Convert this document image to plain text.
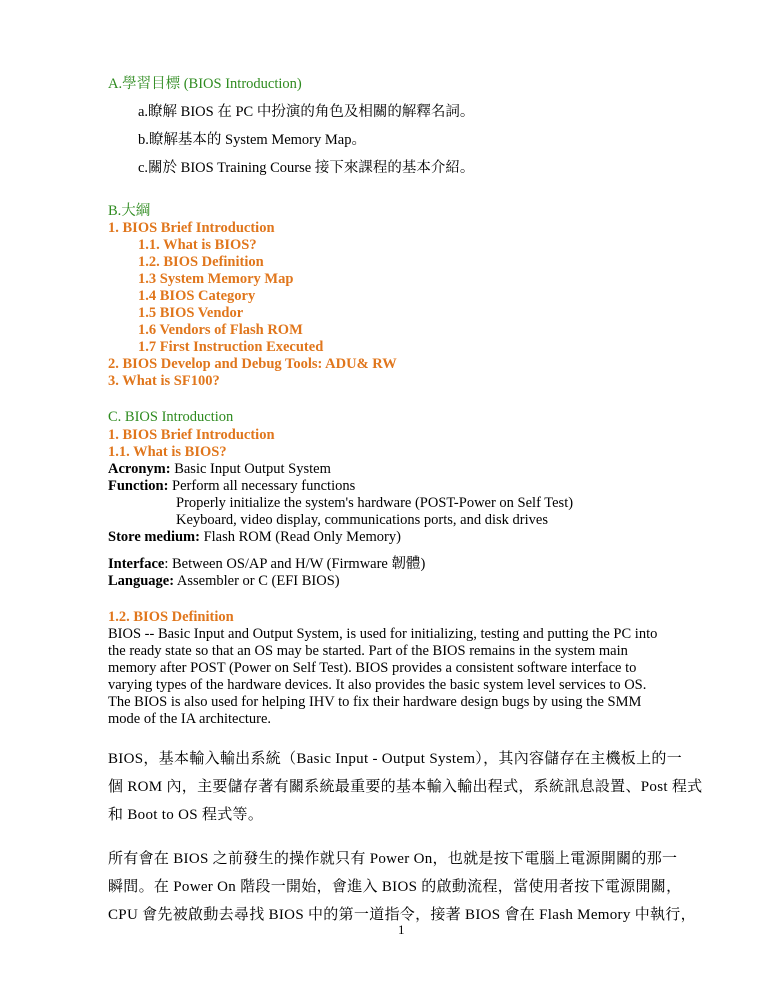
A.學習目標 (BIOS Introduction)
a.瞭解 BIOS 在 PC 中扮演的角色及相關的解釋名詞。
b.瞭解基本的 System Memory Map。
c.關於 BIOS Training Course 接下來課程的基本介紹。
B.大綱
1. BIOS Brief Introduction
1.1. What is BIOS?
1.2. BIOS Definition
1.3 System Memory Map
1.4 BIOS Category
1.5 BIOS Vendor
1.6 Vendors of Flash ROM
1.7 First Instruction Executed
2. BIOS Develop and Debug Tools: ADU& RW
3. What is SF100?
C. BIOS Introduction
1. BIOS Brief Introduction
1.1. What is BIOS?
Acronym: Basic Input Output System
Function: Perform all necessary functions
Properly initialize the system's hardware (POST-Power on Self Test)
Keyboard, video display, communications ports, and disk drives
Store medium: Flash ROM (Read Only Memory)
Interface: Between OS/AP and H/W (Firmware 韌體)
Language: Assembler or C (EFI BIOS)
1.2. BIOS Definition
BIOS -- Basic Input and Output System, is used for initializing, testing and putting the PC into
the ready state so that an OS may be started. Part of the BIOS remains in the system main
memory after POST (Power on Self Test). BIOS provides a consistent software interface to
varying types of the hardware devices. It also provides the basic system level services to OS.
The BIOS is also used for helping IHV to fix their hardware design bugs by using the SMM
mode of the IA architecture.
BIOS，基本輸入輸出系統（Basic Input - Output System），其內容儲存在主機板上的一
個 ROM 內，主要儲存著有關系統最重要的基本輸入輸出程式，系統訊息設置、Post 程式
和 Boot to OS 程式等。
所有會在 BIOS 之前發生的操作就只有 Power On，也就是按下電腦上電源開關的那一
瞬間。在 Power On 階段一開始，會進入 BIOS 的啟動流程，當使用者按下電源開關，
CPU 會先被啟動去尋找 BIOS 中的第一道指令，接著 BIOS 會在 Flash Memory 中執行，
1
